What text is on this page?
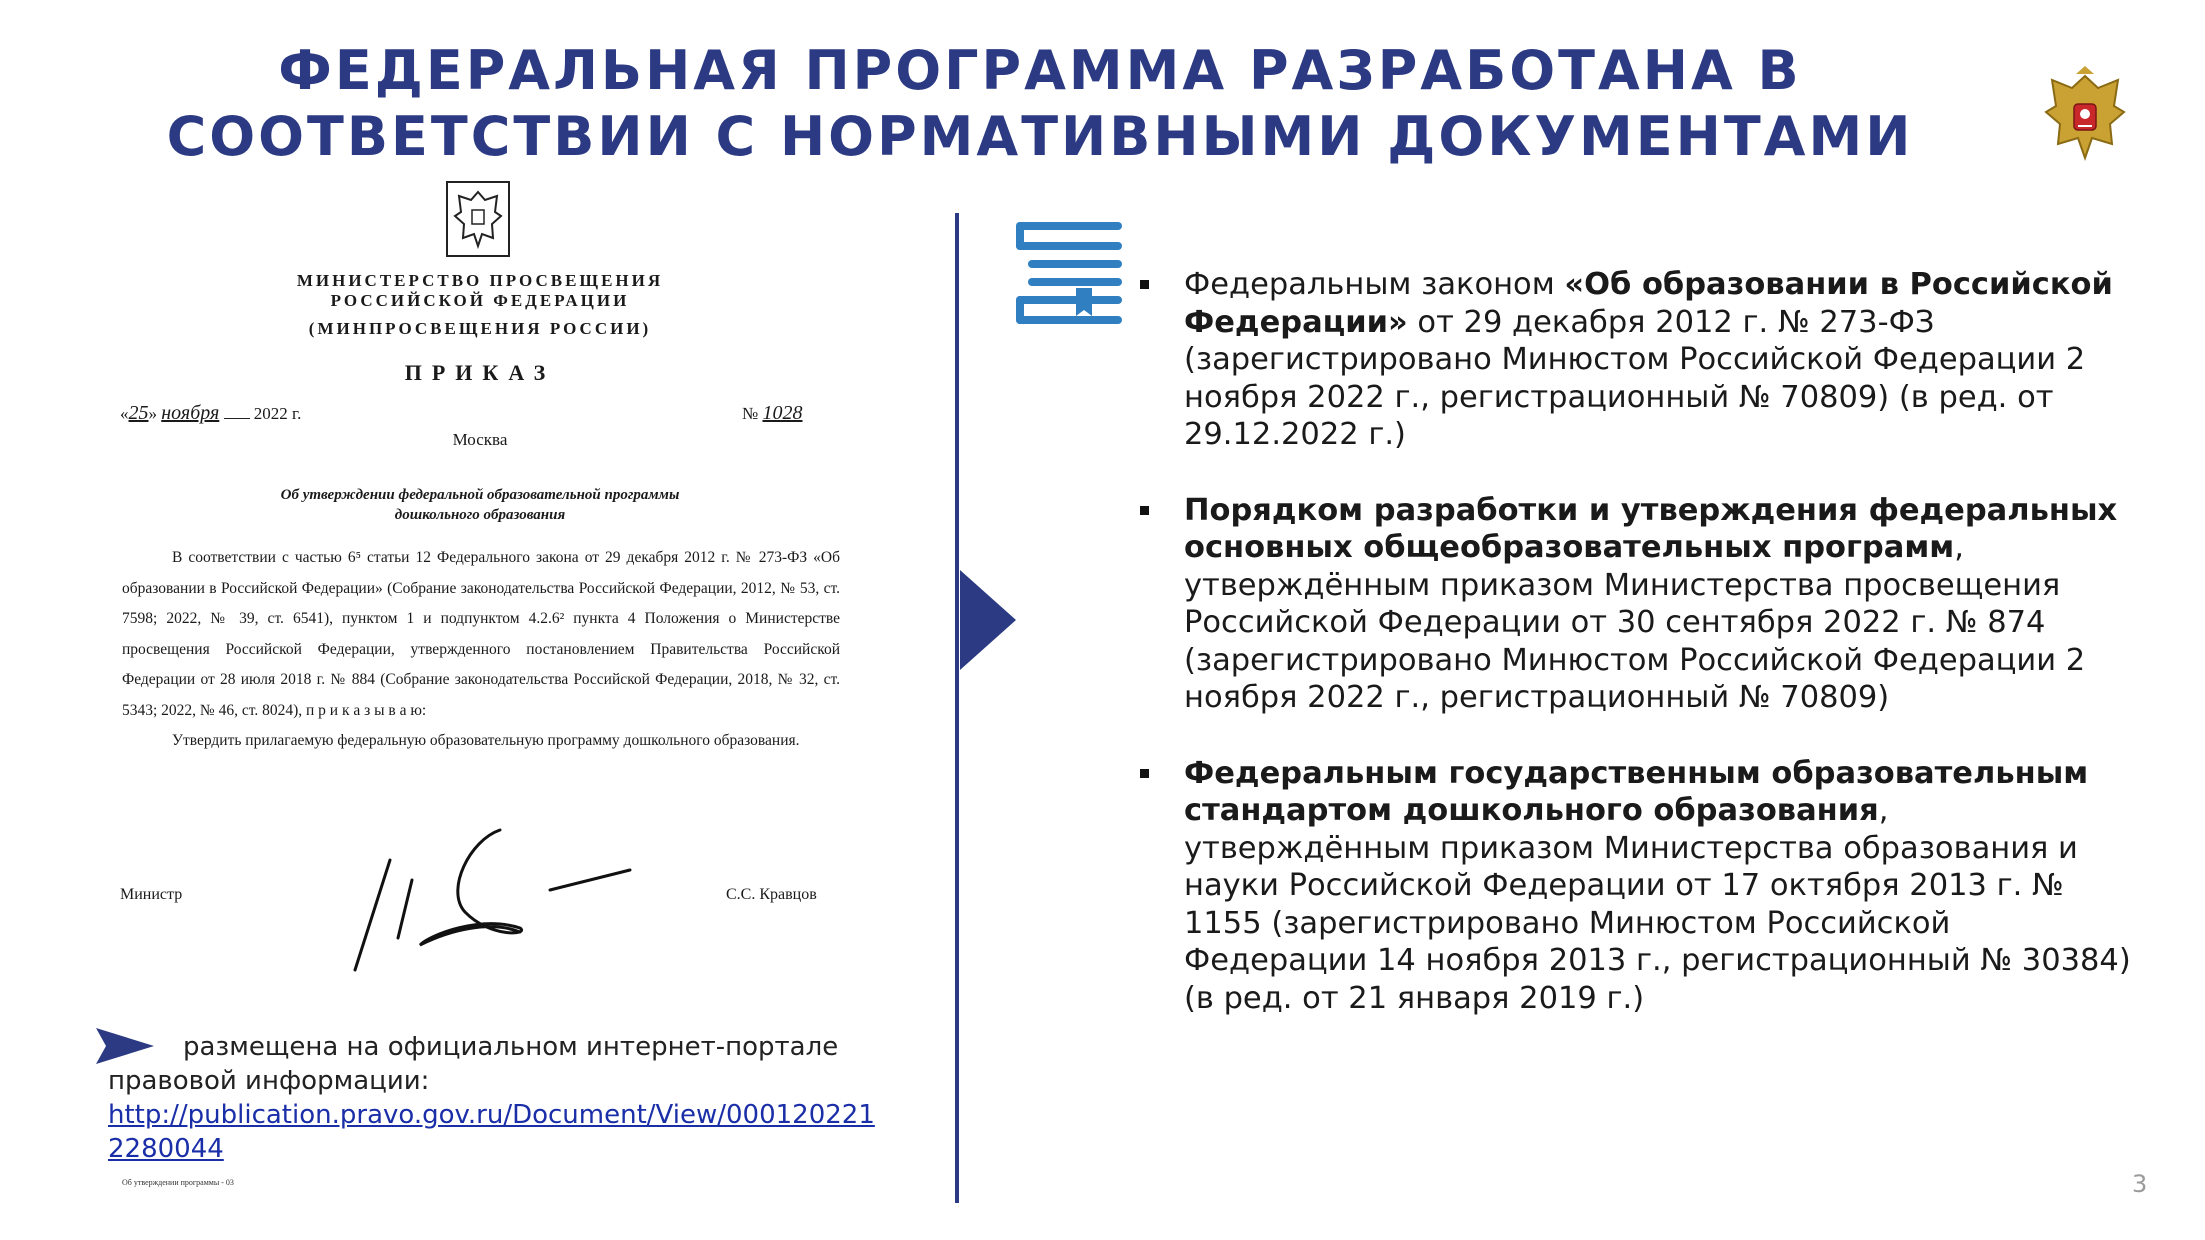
ФЕДЕРАЛЬНАЯ ПРОГРАММА РАЗРАБОТАНА В
СООТВЕТСТВИИ С НОРМАТИВНЫМИ ДОКУМЕНТАМИ
МИНИСТЕРСТВО ПРОСВЕЩЕНИЯ
РОССИЙСКОЙ ФЕДЕРАЦИИ
(МИНПРОСВЕЩЕНИЯ РОССИИ)
ПРИКАЗ
«25» ноября 2022 г.	№ 1028
Москва
Об утверждении федеральной образовательной программы
дошкольного образования

В соответствии с частью 6⁵ статьи 12 Федерального закона от 29 декабря 2012 г. № 273-ФЗ «Об образовании в Российской Федерации» (Собрание законодательства Российской Федерации, 2012, № 53, ст. 7598; 2022, № 39, ст. 6541), пунктом 1 и подпунктом 4.2.6² пункта 4 Положения о Министерстве просвещения Российской Федерации, утвержденного постановлением Правительства Российской Федерации от 28 июля 2018 г. № 884 (Собрание законодательства Российской Федерации, 2018, № 32, ст. 5343; 2022, № 46, ст. 8024), п р и к а з ы в а ю:

Утвердить прилагаемую федеральную образовательную программу дошкольного образования.

Министр	С.С. Кравцов
Об утверждении программы - 03
размещена на официальном интернет-портале
правовой информации:
http://publication.pravo.gov.ru/Document/View/0001202212280044
Федеральным законом «Об образовании в Российской Федерации» от 29 декабря 2012 г. № 273-ФЗ (зарегистрировано Минюстом Российской Федерации 2 ноября 2022 г., регистрационный № 70809) (в ред. от 29.12.2022 г.)
Порядком разработки и утверждения федеральных основных общеобразовательных программ, утверждённым приказом Министерства просвещения Российской Федерации от 30 сентября 2022 г. № 874 (зарегистрировано Минюстом Российской Федерации 2 ноября 2022 г., регистрационный № 70809)
Федеральным государственным образовательным стандартом дошкольного образования, утверждённым приказом Министерства образования и науки Российской Федерации от 17 октября 2013 г. № 1155 (зарегистрировано Минюстом Российской Федерации 14 ноября 2013 г., регистрационный № 30384) (в ред. от 21 января 2019 г.)
3
